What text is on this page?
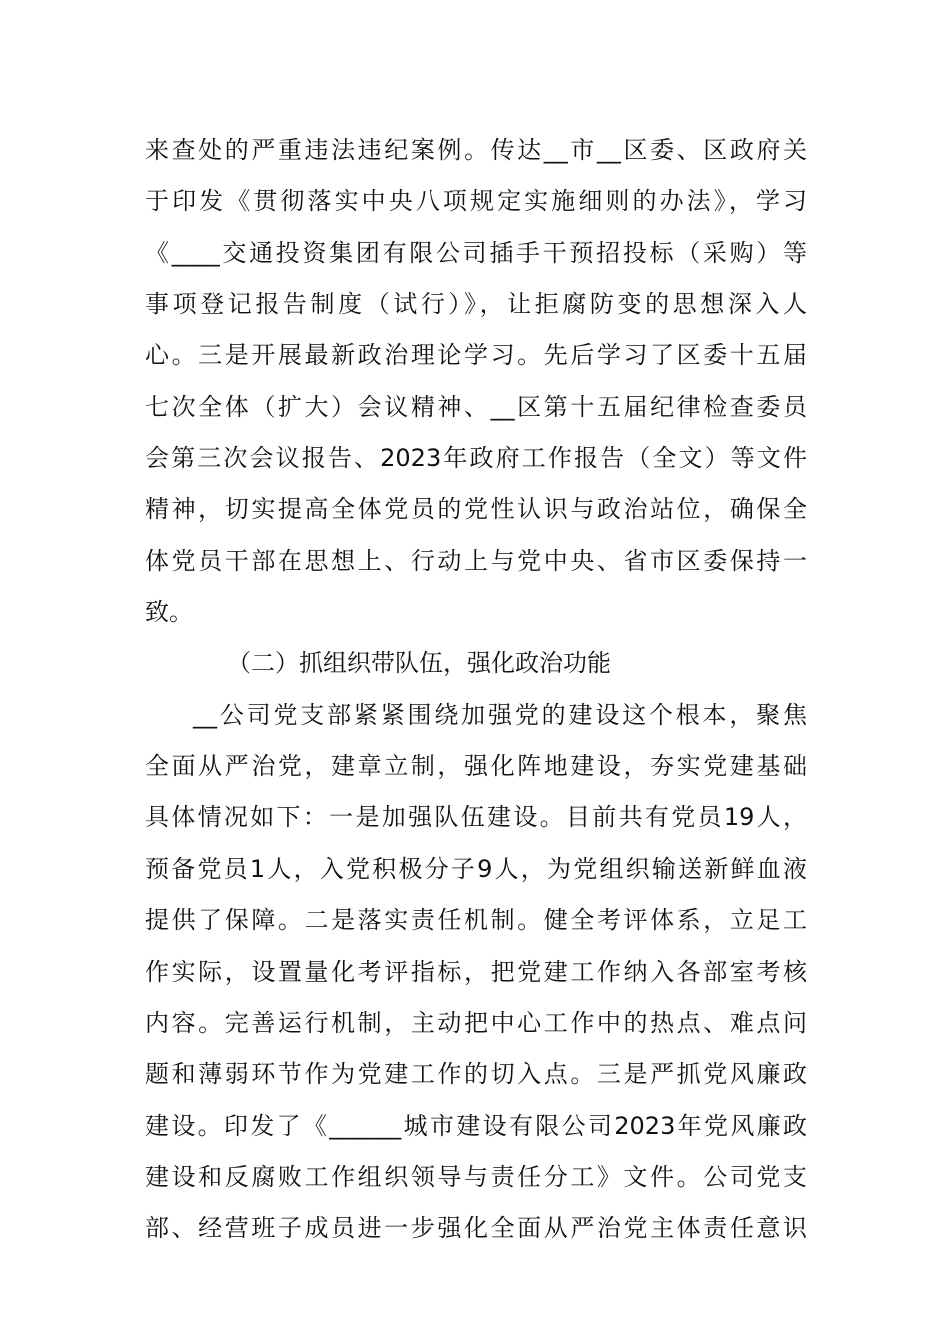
来查处的严重违法违纪案例。传达__市__区委、区政府关
于印发《贯彻落实中央八项规定实施细则的办法》，学习
《____交通投资集团有限公司插手干预招投标（采购）等
事项登记报告制度（试行）》，让拒腐防变的思想深入人
心。三是开展最新政治理论学习。先后学习了区委十五届
七次全体（扩大）会议精神、__区第十五届纪律检查委员
会第三次会议报告、2023年政府工作报告（全文）等文件
精神，切实提高全体党员的党性认识与政治站位，确保全
体党员干部在思想上、行动上与党中央、省市区委保持一
致。
（二）抓组织带队伍，强化政治功能
__公司党支部紧紧围绕加强党的建设这个根本，聚焦
全面从严治党，建章立制，强化阵地建设，夯实党建基础
具体情况如下：一是加强队伍建设。目前共有党员19人，
预备党员1人，入党积极分子9人，为党组织输送新鲜血液
提供了保障。二是落实责任机制。健全考评体系，立足工
作实际，设置量化考评指标，把党建工作纳入各部室考核
内容。完善运行机制，主动把中心工作中的热点、难点问
题和薄弱环节作为党建工作的切入点。三是严抓党风廉政
建设。印发了《______城市建设有限公司2023年党风廉政
建设和反腐败工作组织领导与责任分工》文件。公司党支
部、经营班子成员进一步强化全面从严治党主体责任意识
